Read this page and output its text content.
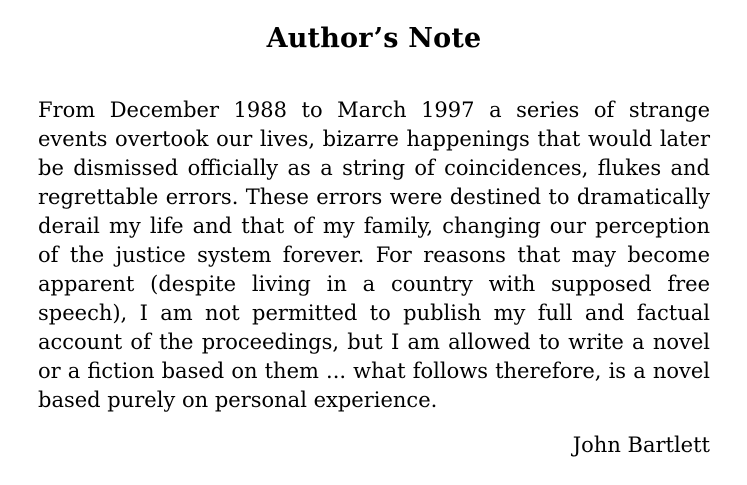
Author’s Note

From December 1988 to March 1997 a series of strange events overtook our lives, bizarre happenings that would later be dismissed officially as a string of coincidences, flukes and regrettable errors. These errors were destined to dramatically derail my life and that of my family, changing our perception of the justice system forever. For reasons that may become apparent (despite living in a country with supposed free speech), I am not permitted to publish my full and factual account of the proceedings, but I am allowed to write a novel or a fiction based on them ... what follows therefore, is a novel based purely on personal experience.

John Bartlett
